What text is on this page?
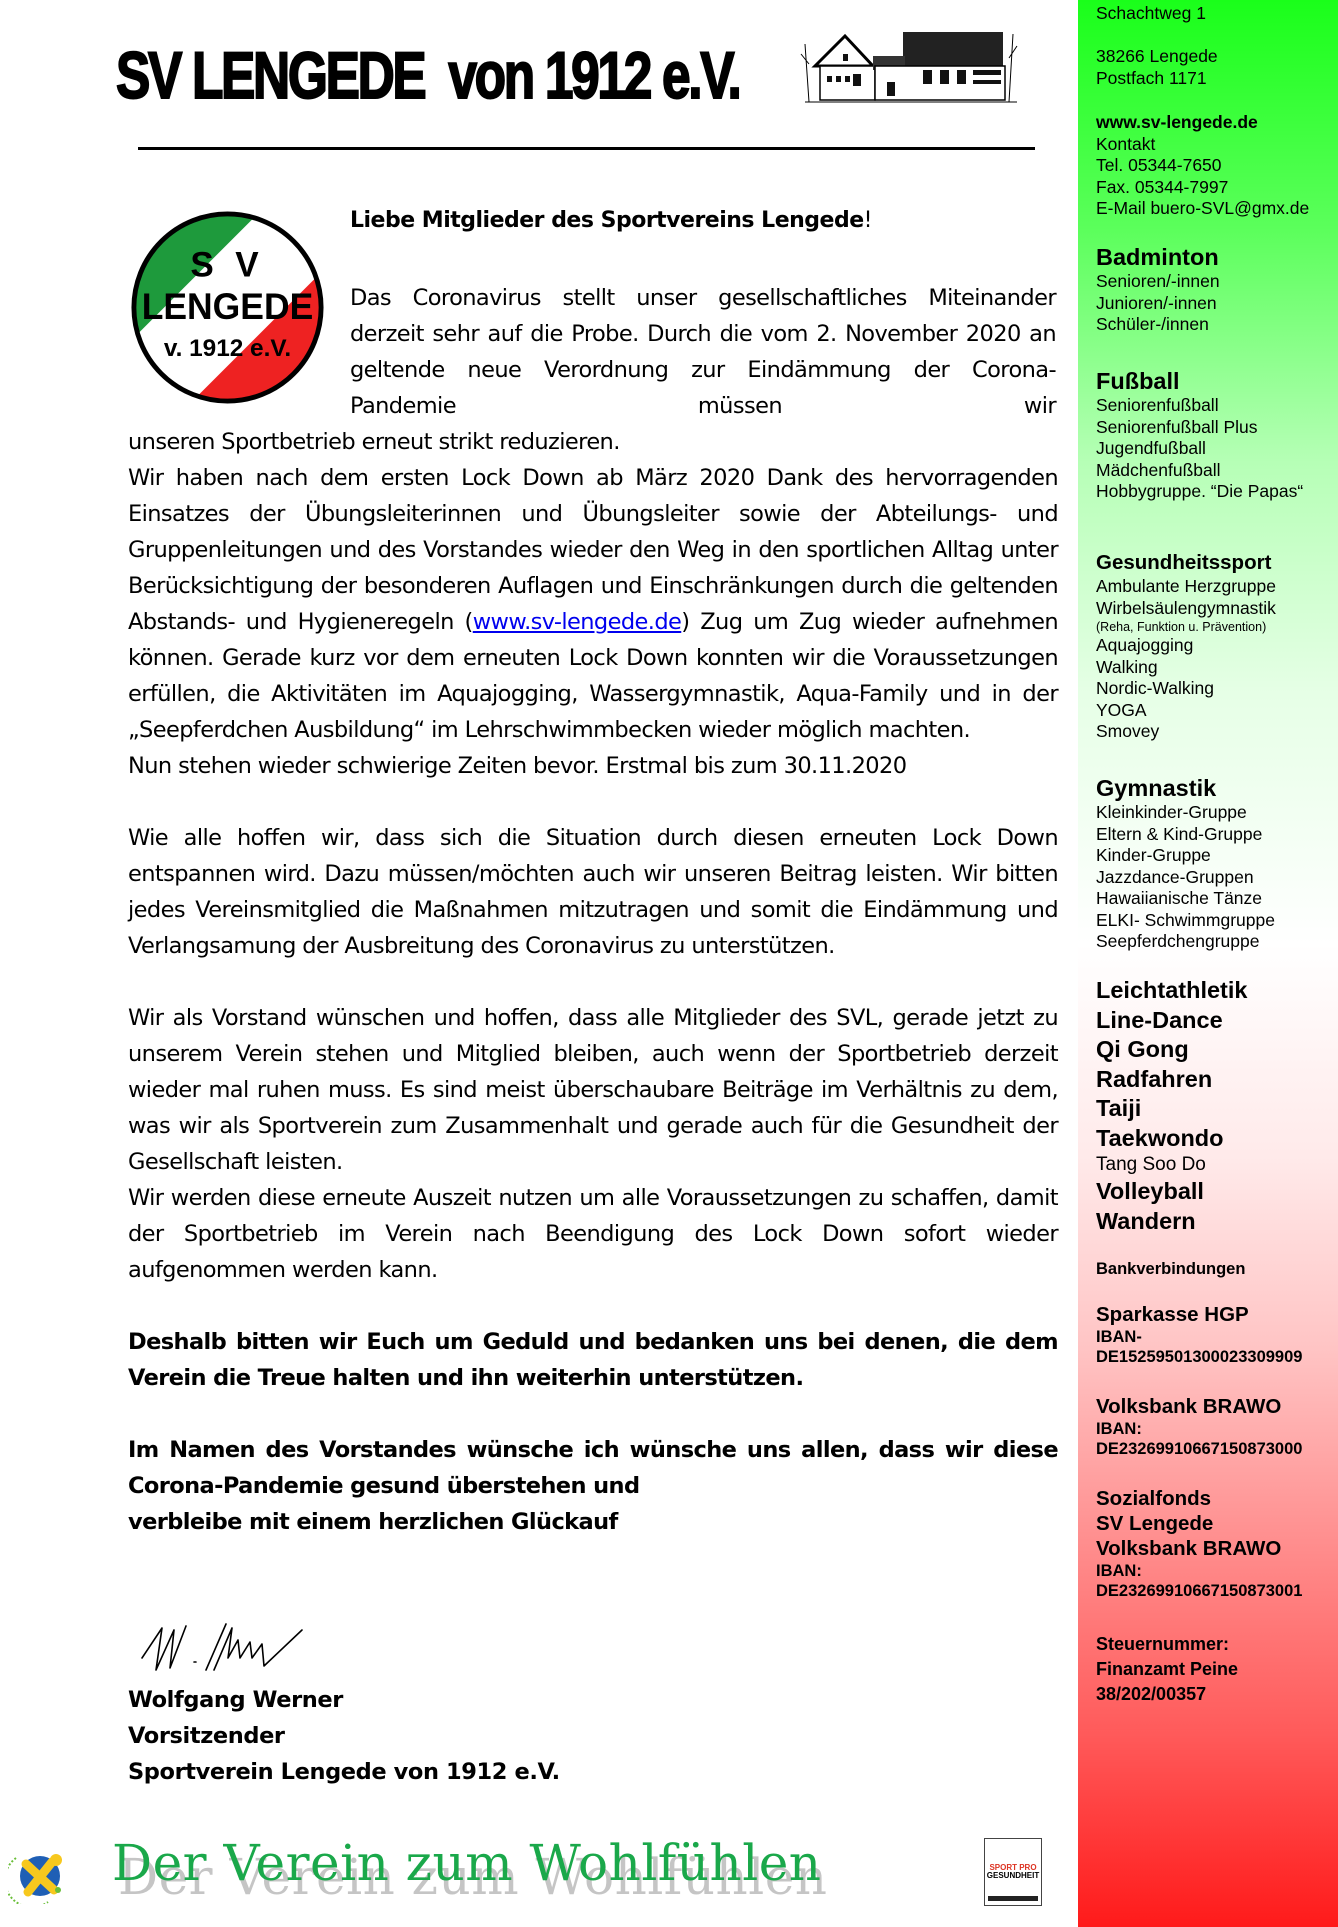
SV LENGEDE  von 1912 e.V.
S V
LENGEDE
v. 1912 e.V.
Liebe Mitglieder des Sportvereins Lengede!

Das Coronavirus stellt unser gesellschaftliches Miteinander derzeit sehr auf die Probe. Durch die vom 2. November 2020 an geltende neue Verordnung zur Eindämmung der Corona-Pandemie müssen wir

unseren Sportbetrieb erneut strikt reduzieren.

Wir haben nach dem ersten Lock Down ab März 2020 Dank des hervorragenden Einsatzes der Übungsleiterinnen und Übungsleiter sowie der Abteilungs- und Gruppenleitungen und des Vorstandes wieder den Weg in den sportlichen Alltag unter Berücksichtigung der besonderen Auflagen und Einschränkungen durch die geltenden Abstands- und Hygieneregeln (www.sv-lengede.de) Zug um Zug wieder aufnehmen können. Gerade kurz vor dem erneuten Lock Down konnten wir die Voraussetzungen erfüllen, die Aktivitäten im Aquajogging, Wassergymnastik, Aqua-Family und in der „Seepferdchen Ausbildung“ im Lehrschwimmbecken wieder möglich machten.

Nun stehen wieder schwierige Zeiten bevor. Erstmal bis zum 30.11.2020

Wie alle hoffen wir, dass sich die Situation durch diesen erneuten Lock Down entspannen wird. Dazu müssen/möchten auch wir unseren Beitrag leisten. Wir bitten jedes Vereinsmitglied die Maßnahmen mitzutragen und somit die Eindämmung und Verlangsamung der Ausbreitung des Coronavirus zu unterstützen.

Wir als Vorstand wünschen und hoffen, dass alle Mitglieder des SVL, gerade jetzt zu unserem Verein stehen und Mitglied bleiben, auch wenn der Sportbetrieb derzeit wieder mal ruhen muss. Es sind meist überschaubare Beiträge im Verhältnis zu dem, was wir als Sportverein zum Zusammenhalt und gerade auch für die Gesundheit der Gesellschaft leisten.

Wir werden diese erneute Auszeit nutzen um alle Voraussetzungen zu schaffen, damit der Sportbetrieb im Verein nach Beendigung des Lock Down sofort wieder aufgenommen werden kann.

Deshalb bitten wir Euch um Geduld und bedanken uns bei denen, die dem Verein die Treue halten und ihn weiterhin unterstützen.

Im Namen des Vorstandes wünsche ich wünsche uns allen, dass wir diese

Corona-Pandemie gesund überstehen und

verbleibe mit einem herzlichen Glückauf

Wolfgang Werner
Vorsitzender
Sportverein Lengede von 1912 e.V.
Der Verein zum Wohlfühlen	SPORT PRO
GESUNDHEIT
Schachtweg 1
38266 Lengede
Postfach 1171
www.sv-lengede.de
Kontakt
Tel. 05344-7650
Fax. 05344-7997
E-Mail buero-SVL@gmx.de
Badminton
Senioren/-innen
Junioren/-innen
Schüler-/innen
Fußball
Seniorenfußball
Seniorenfußball Plus
Jugendfußball
Mädchenfußball
Hobbygruppe. “Die Papas“
Gesundheitssport
Ambulante Herzgruppe
Wirbelsäulengymnastik
(Reha, Funktion u. Prävention)
Aquajogging
Walking
Nordic-Walking
YOGA
Smovey
Gymnastik
Kleinkinder-Gruppe
Eltern & Kind-Gruppe
Kinder-Gruppe
Jazzdance-Gruppen
Hawaiianische Tänze
ELKI- Schwimmgruppe
Seepferdchengruppe
Leichtathletik
Line-Dance
Qi Gong
Radfahren
Taiji
Taekwondo
Tang Soo Do
Volleyball
Wandern
Bankverbindungen
Sparkasse HGP
IBAN-
DE15259501300023309909
Volksbank BRAWO
IBAN:
DE23269910667150873000
Sozialfonds
SV Lengede
Volksbank BRAWO
IBAN:
DE23269910667150873001
Steuernummer:
Finanzamt Peine
38/202/00357
